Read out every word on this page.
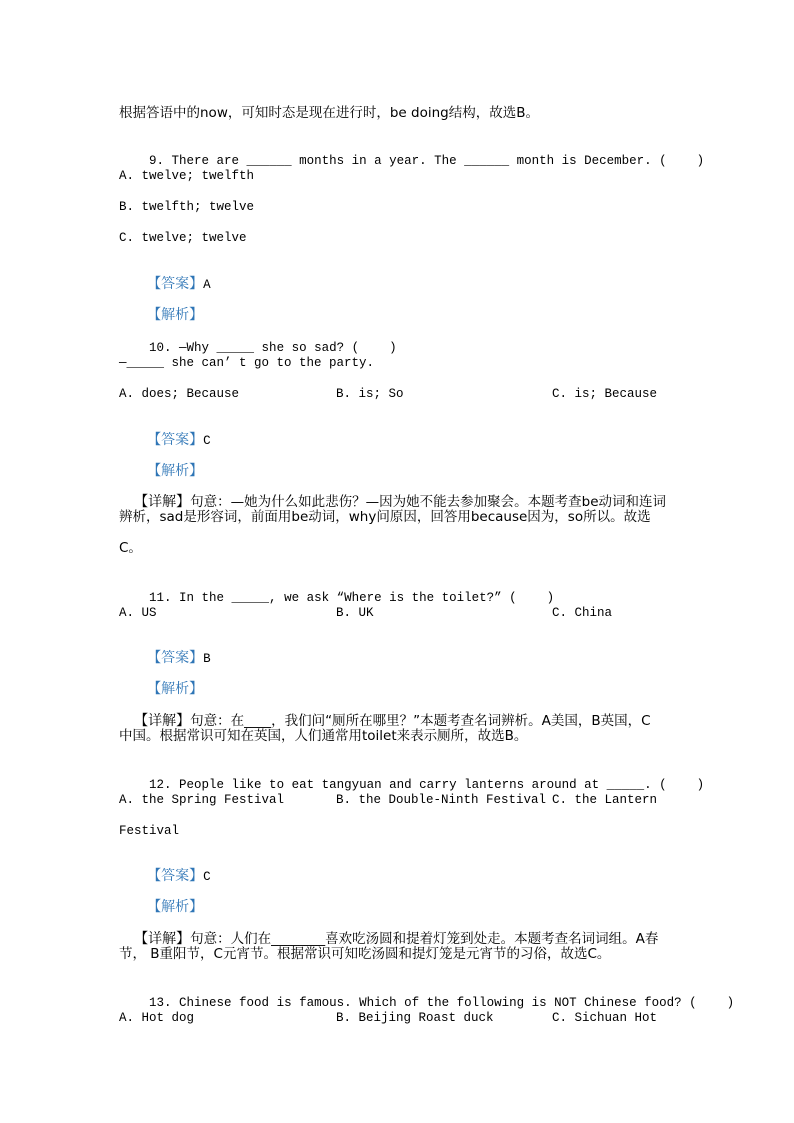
根据答语中的now，可知时态是现在进行时，be doing结构，故选B。

9. There are ______ months in a year. The ______ month is December. (    )

A. twelve; twelfth
B. twelfth; twelve
C. twelve; twelve

【答案】A

【解析】

10. —Why _____ she so sad? (    )

—_____ she can’ t go to the party.

A. does; Because

	B. is; So

	C. is; Because

【答案】C

【解析】

【详解】句意：—她为什么如此悲伤？—因为她不能去参加聚会。本题考查be动词和连词

辨析，sad是形容词，前面用be动词，why问原因，回答用because因为，so所以。故选
C。

11. In the _____, we ask “Where is the toilet?” (    )

A. US

	B. UK

	C. China

【答案】B

【解析】

【详解】句意：在____，我们问“厕所在哪里？”本题考查名词辨析。A美国，B英国，C

中国。根据常识可知在英国，人们通常用toilet来表示厕所，故选B。

12. People like to eat tangyuan and carry lanterns around at _____. (    )

A. the Spring Festival

	B. the Double-Ninth Festival

C. the Lantern

Festival

【答案】C

【解析】

【详解】句意：人们在________喜欢吃汤圆和提着灯笼到处走。本题考查名词词组。A春

节， B重阳节，C元宵节。根据常识可知吃汤圆和提灯笼是元宵节的习俗，故选C。

13. Chinese food is famous. Which of the following is NOT Chinese food? (    )

A. Hot dog

	B. Beijing Roast duck

	C. Sichuan Hot
